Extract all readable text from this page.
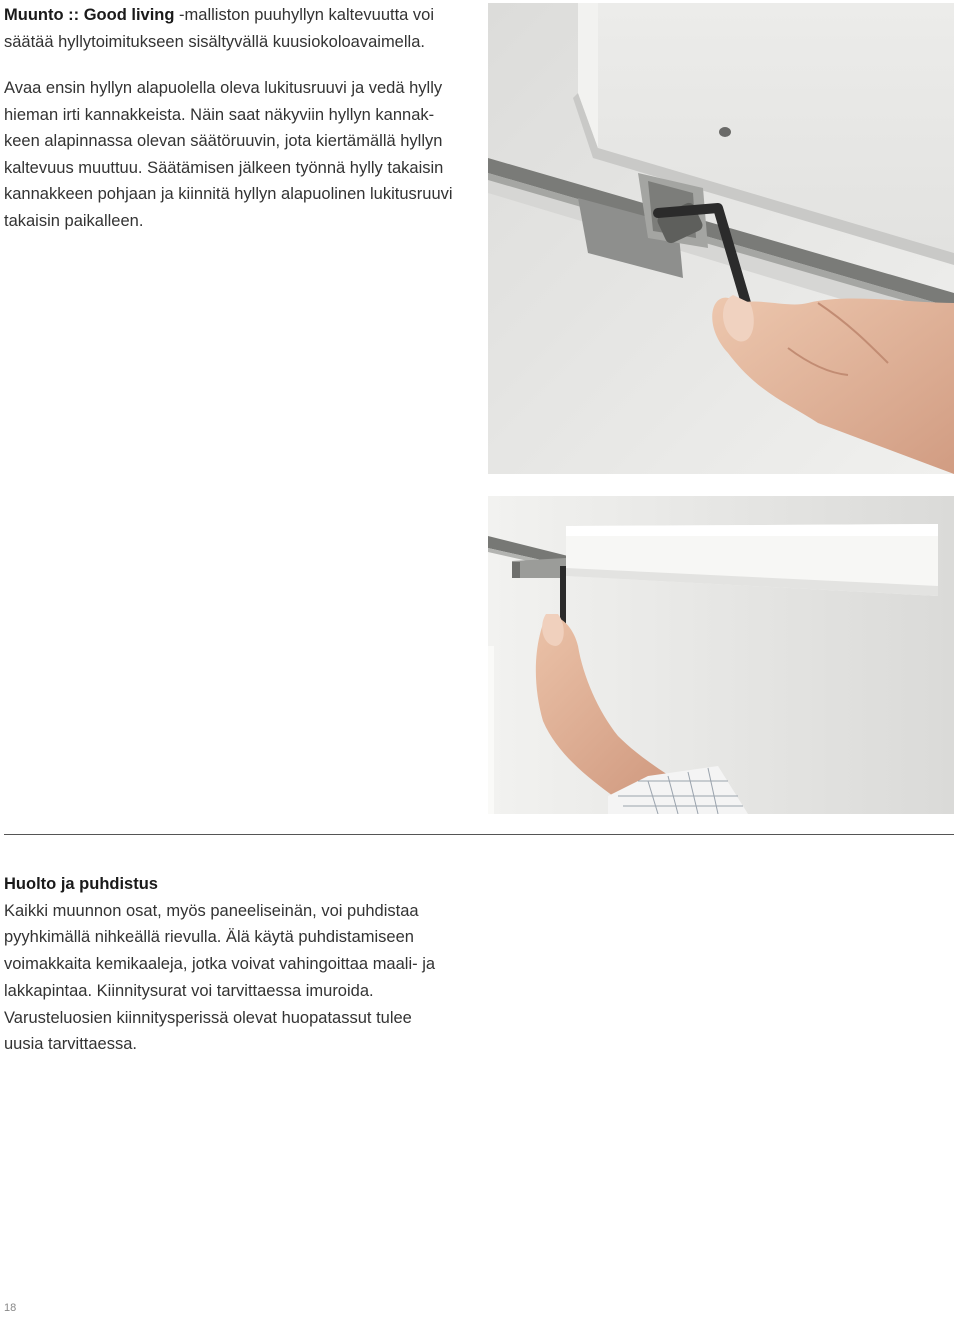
Muunto :: Good living -malliston puuhyllyn kaltevuutta voi
säätää hyllytoimitukseen sisältyvällä kuusiokoloavaimella.

Avaa ensin hyllyn alapuolella oleva lukitusruuvi ja vedä hylly
hieman irti kannakkeista. Näin saat näkyviin hyllyn kannak-
keen alapinnassa olevan säätöruuvin, jota kiertämällä hyllyn
kaltevuus muuttuu. Säätämisen jälkeen työnnä hylly takaisin
kannakkeen pohjaan ja kiinnitä hyllyn alapuolinen lukitusruuvi
takaisin paikalleen.

Huolto ja puhdistus
Kaikki muunnon osat, myös paneeliseinän, voi puhdistaa
pyyhkimällä nihkeällä rievulla. Älä käytä puhdistamiseen
voimakkaita kemikaaleja, jotka voivat vahingoittaa maali- ja
lakkapintaa. Kiinnitysurat voi tarvittaessa imuroida.
Varusteluosien kiinnitysperissä olevat huopatassut tulee
uusia tarvittaessa.
18
